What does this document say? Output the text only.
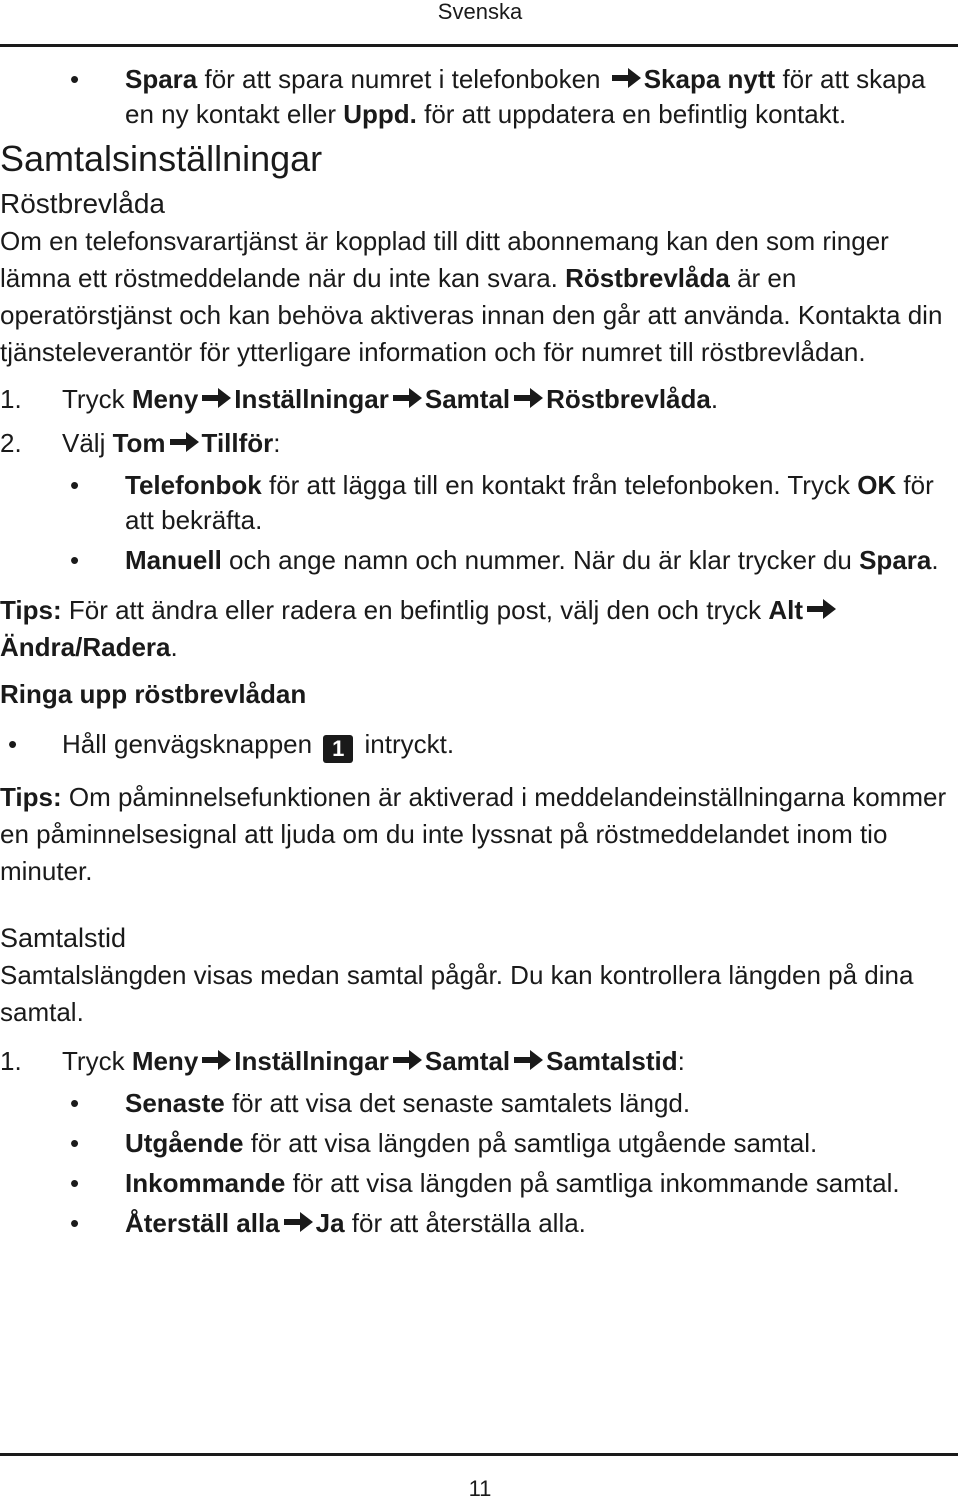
Svenska
• Spara för att spara numret i telefonboken Skapa nytt för att skapa en ny kontakt eller Uppd. för att uppdatera en befintlig kontakt.
Samtalsinställningar
Röstbrevlåda

Om en telefonsvarartjänst är kopplad till ditt abonnemang kan den som ringer lämna ett röstmeddelande när du inte kan svara. Röstbrevlåda är en operatörstjänst och kan behöva aktiveras innan den går att använda. Kontakta din tjänsteleverantör för ytterligare information och för numret till röstbrevlådan.

1. Tryck Meny Inställningar Samtal Röstbrevlåda.
2. Välj Tom Tillför:
• Telefonbok för att lägga till en kontakt från telefonboken. Tryck OK för att bekräfta.
• Manuell och ange namn och nummer. När du är klar trycker du Spara.

Tips: För att ändra eller radera en befintlig post, välj den och tryck AltÄndra/Radera.

Ringa upp röstbrevlådan
• Håll genvägsknappen 1 intryckt.

Tips: Om påminnelsefunktionen är aktiverad i meddelandeinställningarna kommer en påminnelsesignal att ljuda om du inte lyssnat på röstmeddelandet inom tio minuter.

Samtalstid

Samtalslängden visas medan samtal pågår. Du kan kontrollera längden på dina samtal.

1. Tryck Meny Inställningar Samtal Samtalstid:
• Senaste för att visa det senaste samtalets längd.
• Utgående för att visa längden på samtliga utgående samtal.
• Inkommande för att visa längden på samtliga inkommande samtal.
• Återställ alla Ja för att återställa alla.
11
